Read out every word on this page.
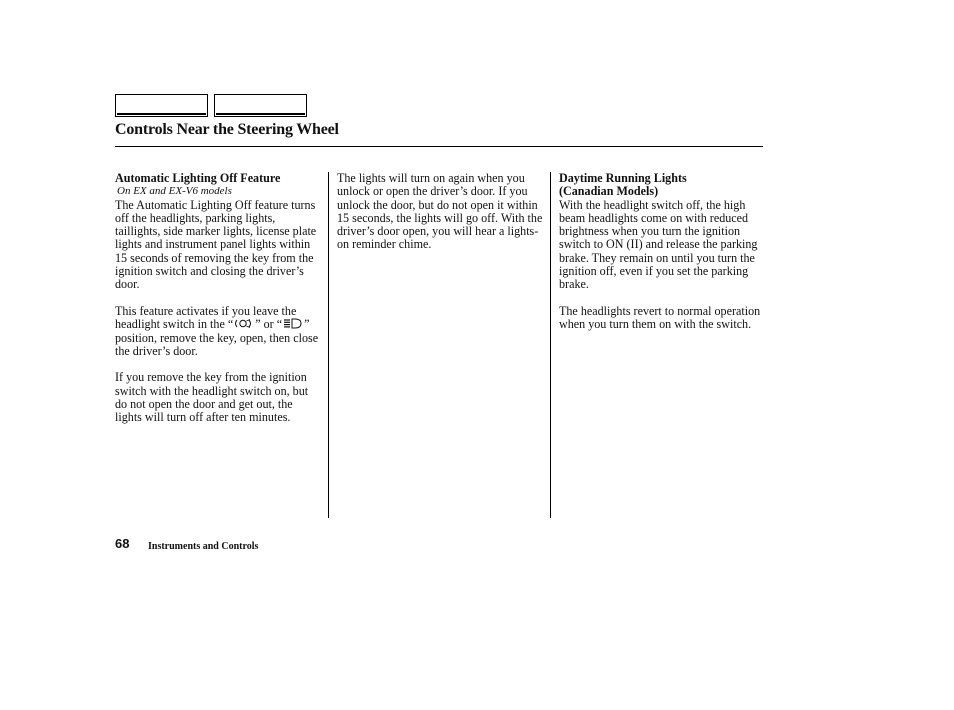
Controls Near the Steering Wheel
Automatic Lighting Off Feature
On EX and EX-V6 models

The Automatic Lighting Off feature turns off the headlights, parking lights, taillights, side marker lights, license plate lights and instrument panel lights within 15 seconds of removing the key from the ignition switch and closing the driver’s door.

This feature activates if you leave the headlight switch in the “ ” or “ ” position, remove the key, open, then close the driver’s door.

If you remove the key from the ignition switch with the headlight switch on, but do not open the door and get out, the lights will turn off after ten minutes.

The lights will turn on again when you unlock or open the driver’s door. If you unlock the door, but do not open it within 15 seconds, the lights will go off. With the driver’s door open, you will hear a lights-on reminder chime.

Daytime Running Lights
(Canadian Models)

With the headlight switch off, the high beam headlights come on with reduced brightness when you turn the ignition switch to ON (II) and release the parking brake. They remain on until you turn the ignition off, even if you set the parking brake.

The headlights revert to normal operation when you turn them on with the switch.

68 Instruments and Controls
